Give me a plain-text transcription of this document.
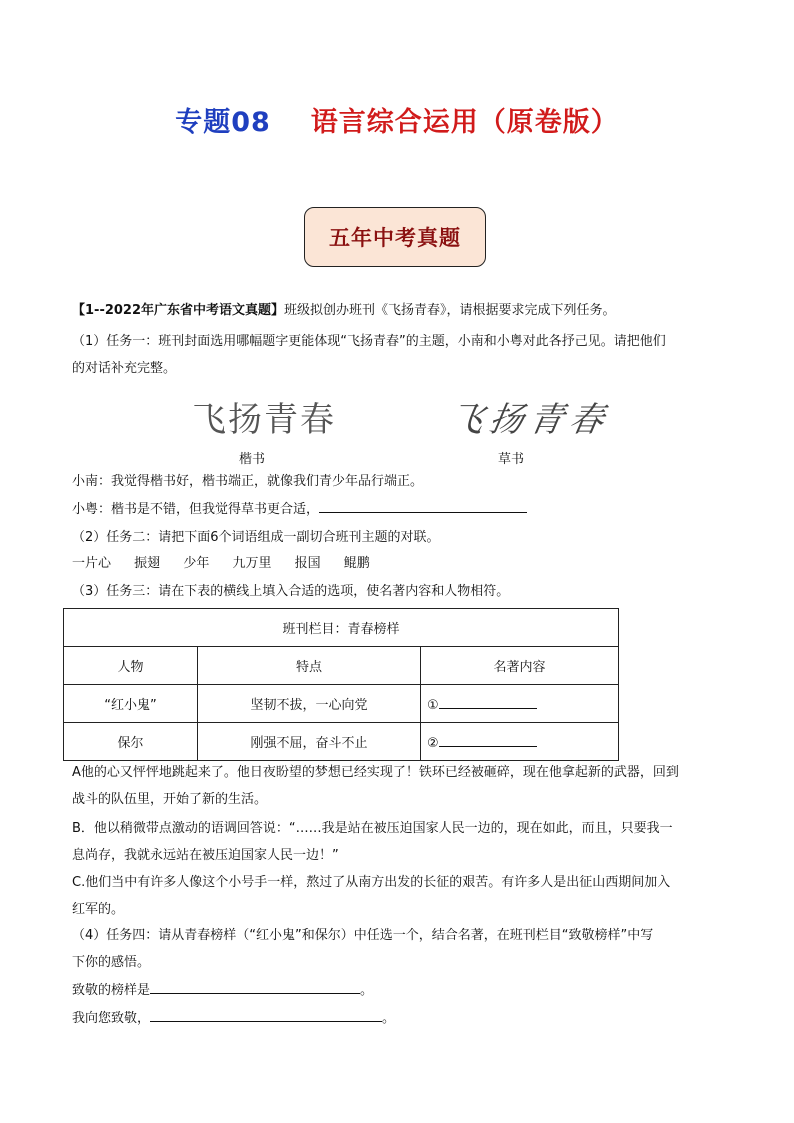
专题08 语言综合运用（原卷版）
五年中考真题
【1--2022年广东省中考语文真题】班级拟创办班刊《飞扬青春》，请根据要求完成下列任务。
（1）任务一：班刊封面选用哪幅题字更能体现“飞扬青春”的主题，小南和小粤对此各抒己见。请把他们
的对话补充完整。
飞扬青春	飞扬青春
楷书	草书
小南：我觉得楷书好，楷书端正，就像我们青少年品行端正。
小粤：楷书是不错，但我觉得草书更合适，
（2）任务二：请把下面6个词语组成一副切合班刊主题的对联。
一片心 振翅 少年 九万里 报国 鲲鹏
（3）任务三：请在下表的横线上填入合适的选项，使名著内容和人物相符。
班刊栏目：青春榜样		
人物	特点	名著内容
“红小鬼”	坚韧不拔，一心向党	①
保尔	刚强不屈，奋斗不止	②
A他的心又怦怦地跳起来了。他日夜盼望的梦想已经实现了！铁环已经被砸碎，现在他拿起新的武器，回到
战斗的队伍里，开始了新的生活。
B．他以稍微带点激动的语调回答说：“……我是站在被压迫国家人民一边的，现在如此，而且，只要我一
息尚存，我就永远站在被压迫国家人民一边！”
C.他们当中有许多人像这个小号手一样，熬过了从南方出发的长征的艰苦。有许多人是出征山西期间加入
红军的。
（4）任务四：请从青春榜样（“红小鬼”和保尔）中任选一个，结合名著，在班刊栏目“致敬榜样”中写
下你的感悟。
致敬的榜样是	。
我向您致敬，	。
